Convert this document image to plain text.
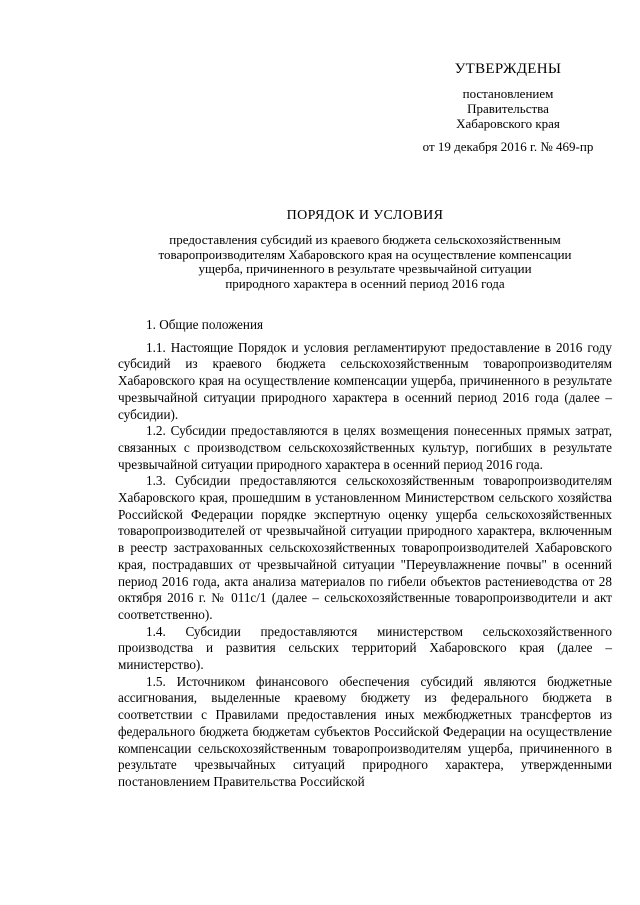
УТВЕРЖДЕНЫ
постановлением
Правительства
Хабаровского края
от 19 декабря 2016 г. № 469-пр
ПОРЯДОК И УСЛОВИЯ
предоставления субсидий из краевого бюджета сельскохозяйственным
товаропроизводителям Хабаровского края на осуществление компенсации
ущерба, причиненного в результате чрезвычайной ситуации
природного характера в осенний период 2016 года

1. Общие положения

1.1. Настоящие Порядок и условия регламентируют предоставление в 2016 году субсидий из краевого бюджета сельскохозяйственным товаропроизводителям Хабаровского края на осуществление компенсации ущерба, причиненного в результате чрезвычайной ситуации природного характера в осенний период 2016 года (далее – субсидии).

1.2. Субсидии предоставляются в целях возмещения понесенных прямых затрат, связанных с производством сельскохозяйственных культур, погибших в результате чрезвычайной ситуации природного характера в осенний период 2016 года.

1.3. Субсидии предоставляются сельскохозяйственным товаропроизводителям Хабаровского края, прошедшим в установленном Министерством сельского хозяйства Российской Федерации порядке экспертную оценку ущерба сельскохозяйственных товаропроизводителей от чрезвычайной ситуации природного характера, включенным в реестр застрахованных сельскохозяйственных товаропроизводителей Хабаровского края, пострадавших от чрезвычайной ситуации "Переувлажнение почвы" в осенний период 2016 года, акта анализа материалов по гибели объектов растениеводства от 28 октября 2016 г. № 011с/1 (далее – сельскохозяйственные товаропроизводители и акт соответственно).

1.4. Субсидии предоставляются министерством сельскохозяйственного производства и развития сельских территорий Хабаровского края (далее – министерство).

1.5. Источником финансового обеспечения субсидий являются бюджетные ассигнования, выделенные краевому бюджету из федерального бюджета в соответствии с Правилами предоставления иных межбюджетных трансфертов из федерального бюджета бюджетам субъектов Российской Федерации на осуществление компенсации сельскохозяйственным товаропроизводителям ущерба, причиненного в результате чрезвычайных ситуаций природного характера, утвержденными постановлением Правительства Российской
